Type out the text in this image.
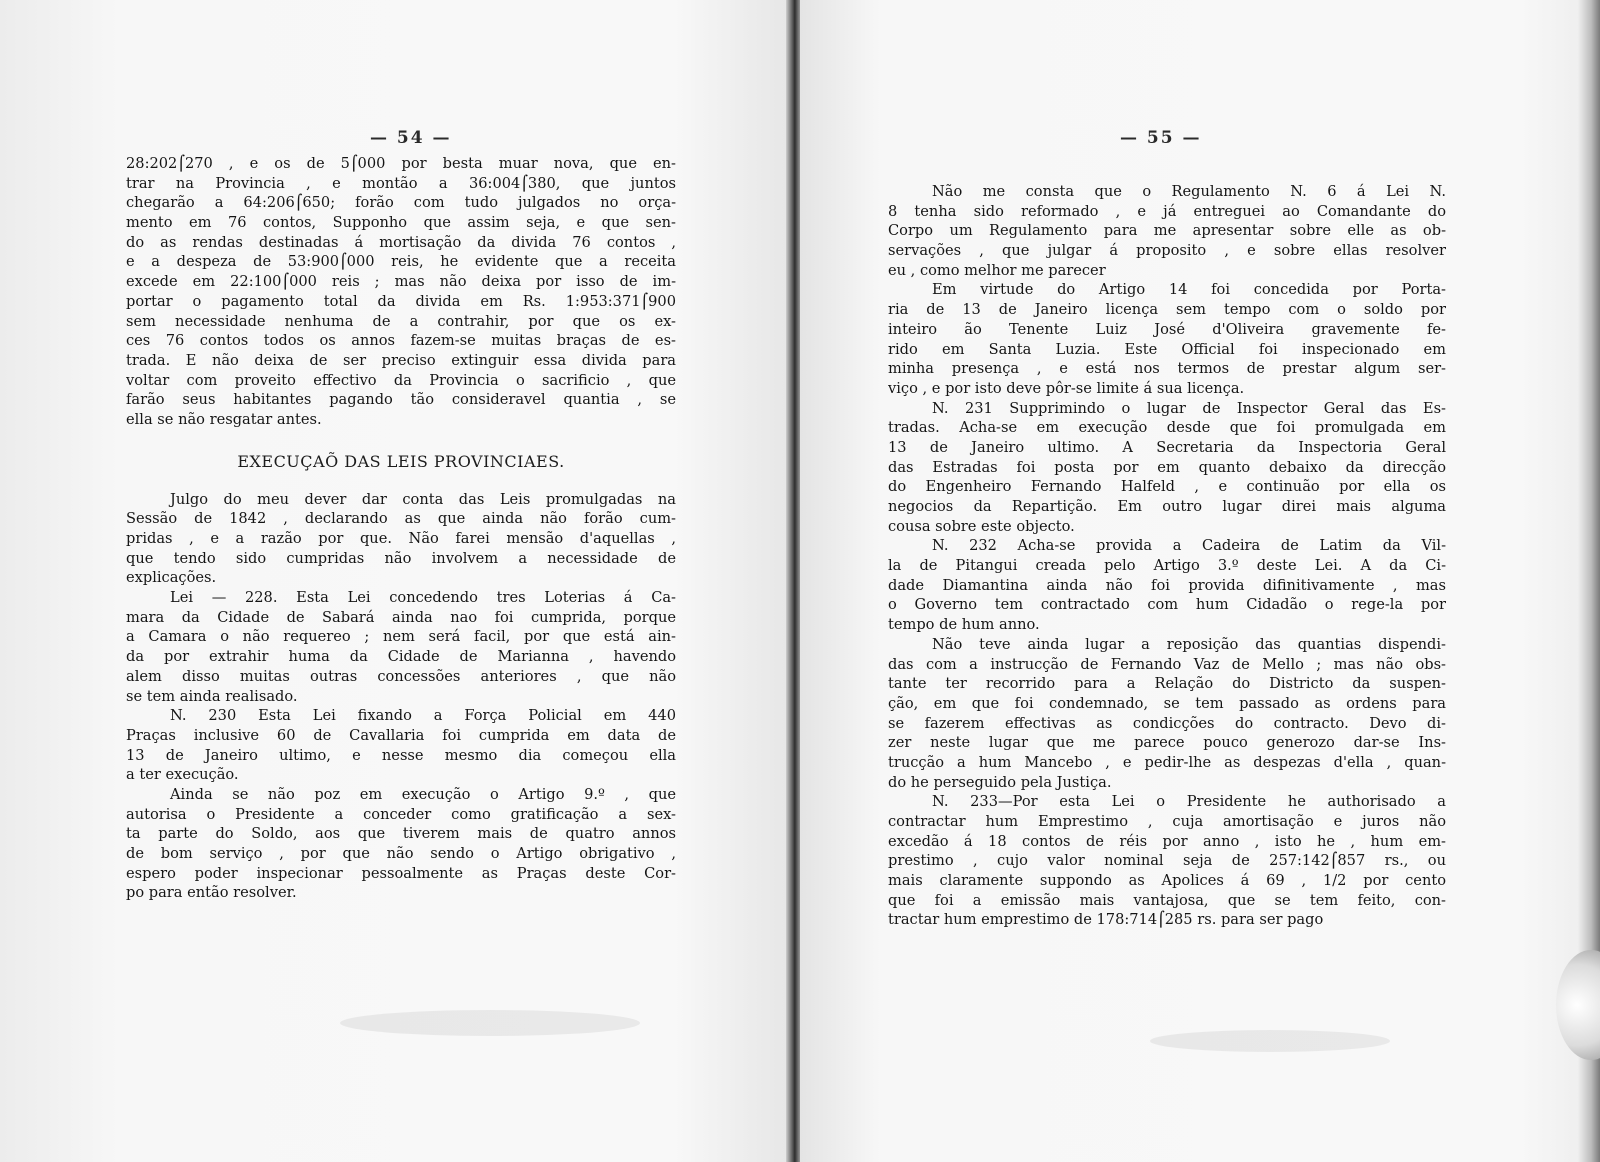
— 54 —
28:202⌠270 , e os de 5⌠000 por besta muar nova, que en-
trar na Provincia , e montão a 36:004⌠380, que juntos
chegarão a 64:206⌠650; forão com tudo julgados no orça-
mento em 76 contos, Supponho que assim seja, e que sen-
do as rendas destinadas á mortisação da divida 76 contos ,
e a despeza de 53:900⌠000 reis, he evidente que a receita
excede em 22:100⌠000 reis ; mas não deixa por isso de im-
portar o pagamento total da divida em Rs. 1:953:371⌠900
sem necessidade nenhuma de a contrahir, por que os ex-
ces 76 contos todos os annos fazem-se muitas braças de es-
trada. E não deixa de ser preciso extinguir essa divida para
voltar com proveito effectivo da Provincia o sacrificio , que
farão seus habitantes pagando tão consideravel quantia , se
ella se não resgatar antes.
EXECUÇAÕ DAS LEIS PROVINCIAES.
Julgo do meu dever dar conta das Leis promulgadas na
Sessão de 1842 , declarando as que ainda não forão cum-
pridas , e a razão por que. Não farei mensão d'aquellas ,
que tendo sido cumpridas não involvem a necessidade de
explicações.
Lei — 228. Esta Lei concedendo tres Loterias á Ca-
mara da Cidade de Sabará ainda nao foi cumprida, porque
a Camara o não requereo ; nem será facil, por que está ain-
da por extrahir huma da Cidade de Marianna , havendo
alem disso muitas outras concessões anteriores , que não
se tem ainda realisado.
N. 230 Esta Lei fixando a Força Policial em 440
Praças inclusive 60 de Cavallaria foi cumprida em data de
13 de Janeiro ultimo, e nesse mesmo dia começou ella
a ter execução.
Ainda se não poz em execução o Artigo 9.º , que
autorisa o Presidente a conceder como gratificação a sex-
ta parte do Soldo, aos que tiverem mais de quatro annos
de bom serviço , por que não sendo o Artigo obrigativo ,
espero poder inspecionar pessoalmente as Praças deste Cor-
po para então resolver.
— 55 —
Não me consta que o Regulamento N. 6 á Lei N.
8 tenha sido reformado , e já entreguei ao Comandante do
Corpo um Regulamento para me apresentar sobre elle as ob-
servações , que julgar á proposito , e sobre ellas resolver
eu , como melhor me parecer
Em virtude do Artigo 14 foi concedida por Porta-
ria de 13 de Janeiro licença sem tempo com o soldo por
inteiro ão Tenente Luiz José d'Oliveira gravemente fe-
rido em Santa Luzia. Este Official foi inspecionado em
minha presença , e está nos termos de prestar algum ser-
viço , e por isto deve pôr-se limite á sua licença.
N. 231 Supprimindo o lugar de Inspector Geral das Es-
tradas. Acha-se em execução desde que foi promulgada em
13 de Janeiro ultimo. A Secretaria da Inspectoria Geral
das Estradas foi posta por em quanto debaixo da direcção
do Engenheiro Fernando Halfeld , e continuão por ella os
negocios da Repartição. Em outro lugar direi mais alguma
cousa sobre este objecto.
N. 232 Acha-se provida a Cadeira de Latim da Vil-
la de Pitangui creada pelo Artigo 3.º deste Lei. A da Ci-
dade Diamantina ainda não foi provida difinitivamente , mas
o Governo tem contractado com hum Cidadão o rege-la por
tempo de hum anno.
Não teve ainda lugar a reposição das quantias dispendi-
das com a instrucção de Fernando Vaz de Mello ; mas não obs-
tante ter recorrido para a Relação do Districto da suspen-
ção, em que foi condemnado, se tem passado as ordens para
se fazerem effectivas as condicções do contracto. Devo di-
zer neste lugar que me parece pouco generozo dar-se Ins-
trucção a hum Mancebo , e pedir-lhe as despezas d'ella , quan-
do he perseguido pela Justiça.
N. 233—Por esta Lei o Presidente he authorisado a
contractar hum Emprestimo , cuja amortisação e juros não
excedão á 18 contos de réis por anno , isto he , hum em-
prestimo , cujo valor nominal seja de 257:142⌠857 rs., ou
mais claramente suppondo as Apolices á 69 , 1/2 por cento
que foi a emissão mais vantajosa, que se tem feito, con-
tractar hum emprestimo de 178:714⌠285 rs. para ser pago
